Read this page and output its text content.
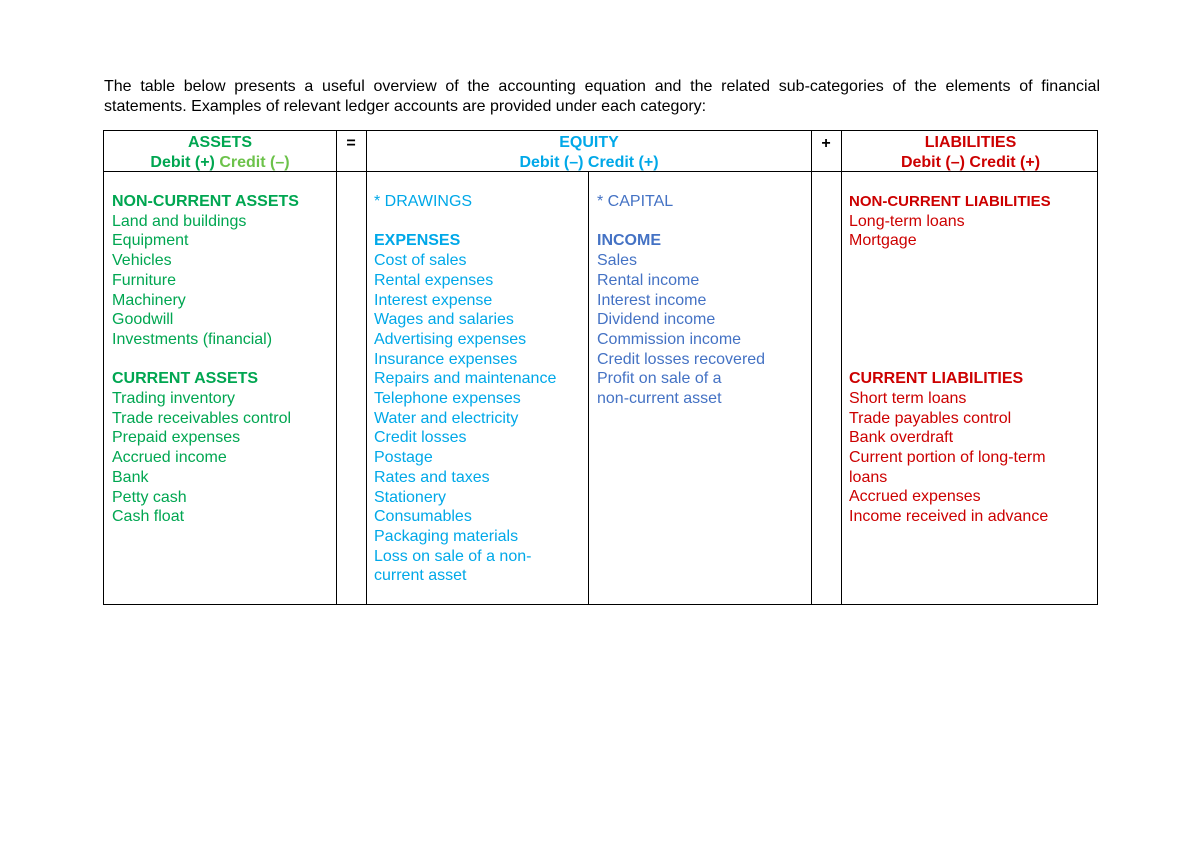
The table below presents a useful overview of the accounting equation and the related sub-categories of the elements of financial statements. Examples of relevant ledger accounts are provided under each category:
ASSETS
Debit (+) Credit (–)
=	EQUITY
Debit (–) Credit (+)
+	LIABILITIES
Debit (–) Credit (+)
NON-CURRENT ASSETS
Land and buildings
Equipment
Vehicles
Furniture
Machinery
Goodwill
Investments (financial)
CURRENT ASSETS
Trading inventory
Trade receivables control
Prepaid expenses
Accrued income
Bank
Petty cash
Cash float
* DRAWINGS
EXPENSES
Cost of sales
Rental expenses
Interest expense
Wages and salaries
Advertising expenses
Insurance expenses
Repairs and maintenance
Telephone expenses
Water and electricity
Credit losses
Postage
Rates and taxes
Stationery
Consumables
Packaging materials
Loss on sale of a non-
current asset
* CAPITAL
INCOME
Sales
Rental income
Interest income
Dividend income
Commission income
Credit losses recovered
Profit on sale of a
non-current asset
NON-CURRENT LIABILITIES
Long-term loans
Mortgage
CURRENT LIABILITIES
Short term loans
Trade payables control
Bank overdraft
Current portion of long-term
loans
Accrued expenses
Income received in advance
